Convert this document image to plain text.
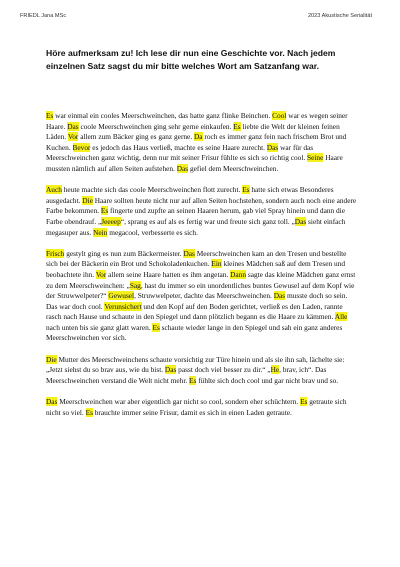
FRIEDL Jana MSc	2023 Akustische Serialität
Höre aufmerksam zu! Ich lese dir nun eine Geschichte vor. Nach jedem einzelnen Satz sagst du mir bitte welches Wort am Satzanfang war.

Es war einmal ein cooles Meerschweinchen, das hatte ganz flinke Beinchen. Cool war es wegen seiner Haare. Das coole Meerschweinchen ging sehr gerne einkaufen. Es liebte die Welt der kleinen feinen Läden. Vor allem zum Bäcker ging es ganz gerne. Da roch es immer ganz fein nach frischem Brot und Kuchen. Bevor es jedoch das Haus verließ, machte es seine Haare zurecht. Das war für das Meerschweinchen ganz wichtig, denn nur mit seiner Frisur fühlte es sich so richtig cool. Seine Haare mussten nämlich auf allen Seiten aufstehen. Das gefiel dem Meerschweinchen.

Auch heute machte sich das coole Meerschweinchen flott zurecht. Es hatte sich etwas Besonderes ausgedacht. Die Haare sollten heute nicht nur auf allen Seiten hochstehen, sondern auch noch eine andere Farbe bekommen. Es fingerte und zupfte an seinen Haaren herum, gab viel Spray hinein und dann die Farbe obendrauf. „Jeeeep“, sprang es auf als es fertig war und freute sich ganz toll. „Das sieht einfach megasuper aus. Nein megacool, verbesserte es sich.

Frisch gestylt ging es nun zum Bäckermeister. Das Meerschweinchen kam an den Tresen und bestellte sich bei der Bäckerin ein Brot und Schokoladenkuchen. Ein kleines Mädchen saß auf dem Tresen und beobachtete ihn. Vor allem seine Haare hatten es ihm angetan. Dann sagte das kleine Mädchen ganz ernst zu dem Meerschweinchen: „Sag, hast du immer so ein unordentliches buntes Gewusel auf dem Kopf wie der Struwwelpeter?“ Gewusel, Struwwelpeter, dachte das Meerschweinchen. Das musste doch so sein. Das war doch cool. Verunsichert und den Kopf auf den Boden gerichtet, verließ es den Laden, rannte rasch nach Hause und schaute in den Spiegel und dann plötzlich begann es die Haare zu kämmen. Alle nach unten bis sie ganz glatt waren. Es schaute wieder lange in den Spiegel und sah ein ganz anderes Meerschweinchen vor sich.

Die Mutter des Meerschweinchens schaute vorsichtig zur Türe hinein und als sie ihn sah, lächelte sie: „Jetzt siehst du so brav aus, wie du bist. Das passt doch viel besser zu dir.“ „He, brav, ich“. Das Meerschweinchen verstand die Welt nicht mehr. Es fühlte sich doch cool und gar nicht brav und so.

Das Meerschweinchen war aber eigentlich gar nicht so cool, sondern eher schüchtern. Es getraute sich nicht so viel. Es brauchte immer seine Frisur, damit es sich in einen Laden getraute.
